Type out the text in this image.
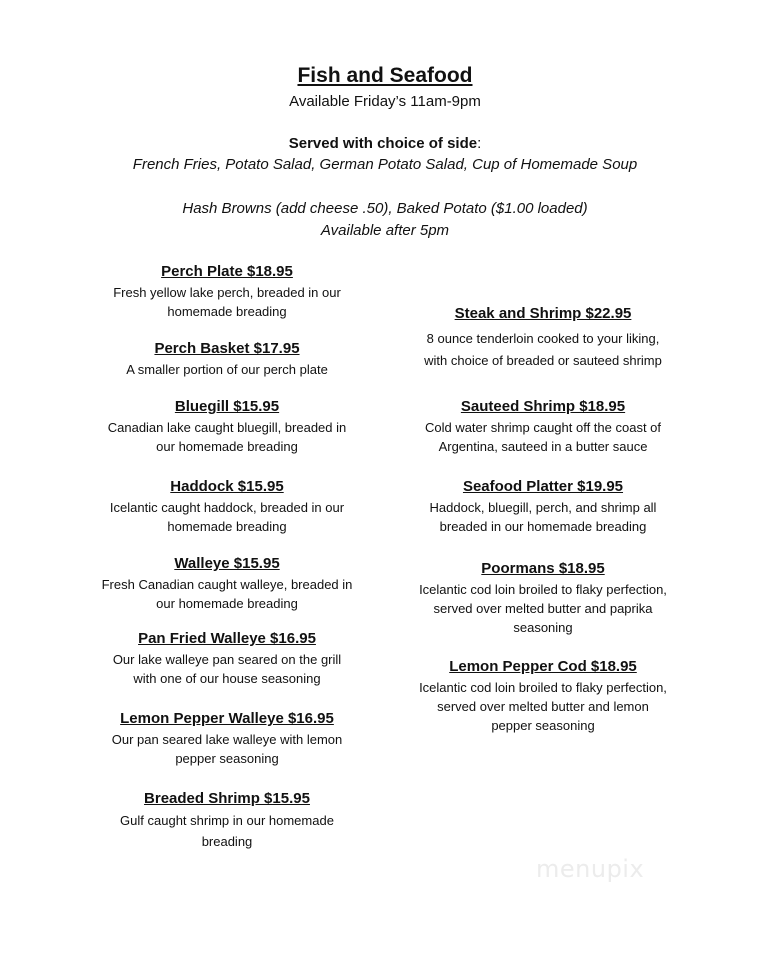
Fish and Seafood
Available Friday’s 11am-9pm
Served with choice of side:
French Fries, Potato Salad, German Potato Salad, Cup of Homemade Soup
Hash Browns (add cheese .50), Baked Potato ($1.00 loaded)
Available after 5pm
Perch Plate $18.95
Fresh yellow lake perch, breaded in our
homemade breading
Perch Basket $17.95
A smaller portion of our perch plate
Bluegill $15.95
Canadian lake caught bluegill, breaded in
our homemade breading
Haddock $15.95
Icelantic caught haddock, breaded in our
homemade breading
Walleye $15.95
Fresh Canadian caught walleye, breaded in
our homemade breading
Pan Fried Walleye $16.95
Our lake walleye pan seared on the grill
with one of our house seasoning
Lemon Pepper Walleye $16.95
Our pan seared lake walleye with lemon
pepper seasoning
Breaded Shrimp $15.95
Gulf caught shrimp in our homemade
breading
Steak and Shrimp $22.95
8 ounce tenderloin cooked to your liking,
with choice of breaded or sauteed shrimp
Sauteed Shrimp $18.95
Cold water shrimp caught off the coast of
Argentina, sauteed in a butter sauce
Seafood Platter $19.95
Haddock, bluegill, perch, and shrimp all
breaded in our homemade breading
Poormans $18.95
Icelantic cod loin broiled to flaky perfection,
served over melted butter and paprika
seasoning
Lemon Pepper Cod $18.95
Icelantic cod loin broiled to flaky perfection,
served over melted butter and lemon
pepper seasoning
menupix
